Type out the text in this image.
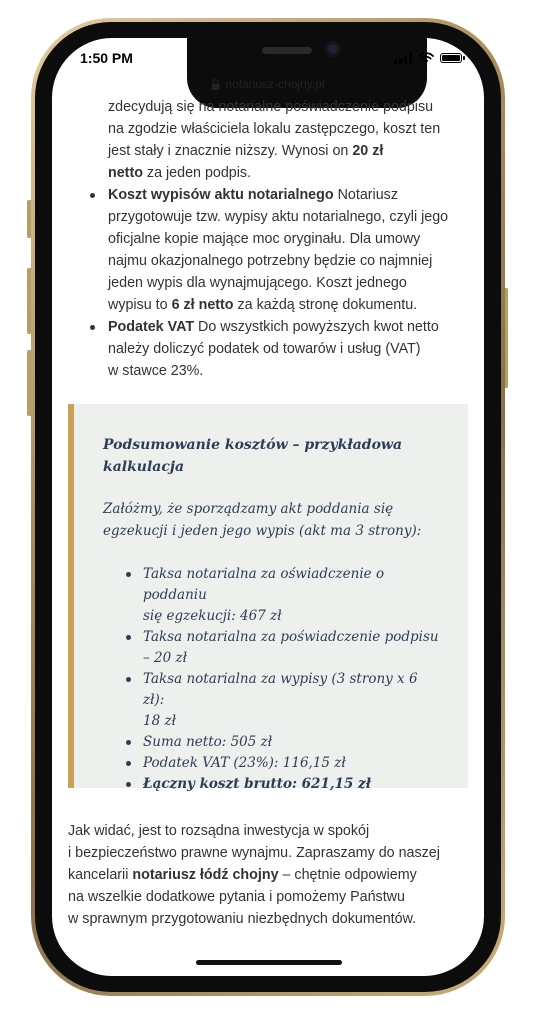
1:50 PM
notariusz-chojny.pl
zdecydują się na notarialne poświadczenie podpisu
na zgodzie właściciela lokalu zastępczego, koszt ten
jest stały i znacznie niższy. Wynosi on 20 zł
netto za jeden podpis.
Koszt wypisów aktu notarialnego Notariusz
przygotowuje tzw. wypisy aktu notarialnego, czyli jego
oficjalne kopie mające moc oryginału. Dla umowy
najmu okazjonalnego potrzebny będzie co najmniej
jeden wypis dla wynajmującego. Koszt jednego
wypisu to 6 zł netto za każdą stronę dokumentu.
Podatek VAT Do wszystkich powyższych kwot netto
należy doliczyć podatek od towarów i usług (VAT)
w stawce 23%.
Podsumowanie kosztów – przykładowa
kalkulacja
Załóżmy, że sporządzamy akt poddania się
egzekucji i jeden jego wypis (akt ma 3 strony):
Taksa notarialna za oświadczenie o poddaniu
się egzekucji: 467 zł
Taksa notarialna za poświadczenie podpisu
– 20 zł
Taksa notarialna za wypisy (3 strony x 6 zł):
18 zł
Suma netto: 505 zł
Podatek VAT (23%): 116,15 zł
Łączny koszt brutto: 621,15 zł
Jak widać, jest to rozsądna inwestycja w spokój
i bezpieczeństwo prawne wynajmu. Zapraszamy do naszej
kancelarii notariusz łódź chojny – chętnie odpowiemy
na wszelkie dodatkowe pytania i pomożemy Państwu
w sprawnym przygotowaniu niezbędnych dokumentów.
